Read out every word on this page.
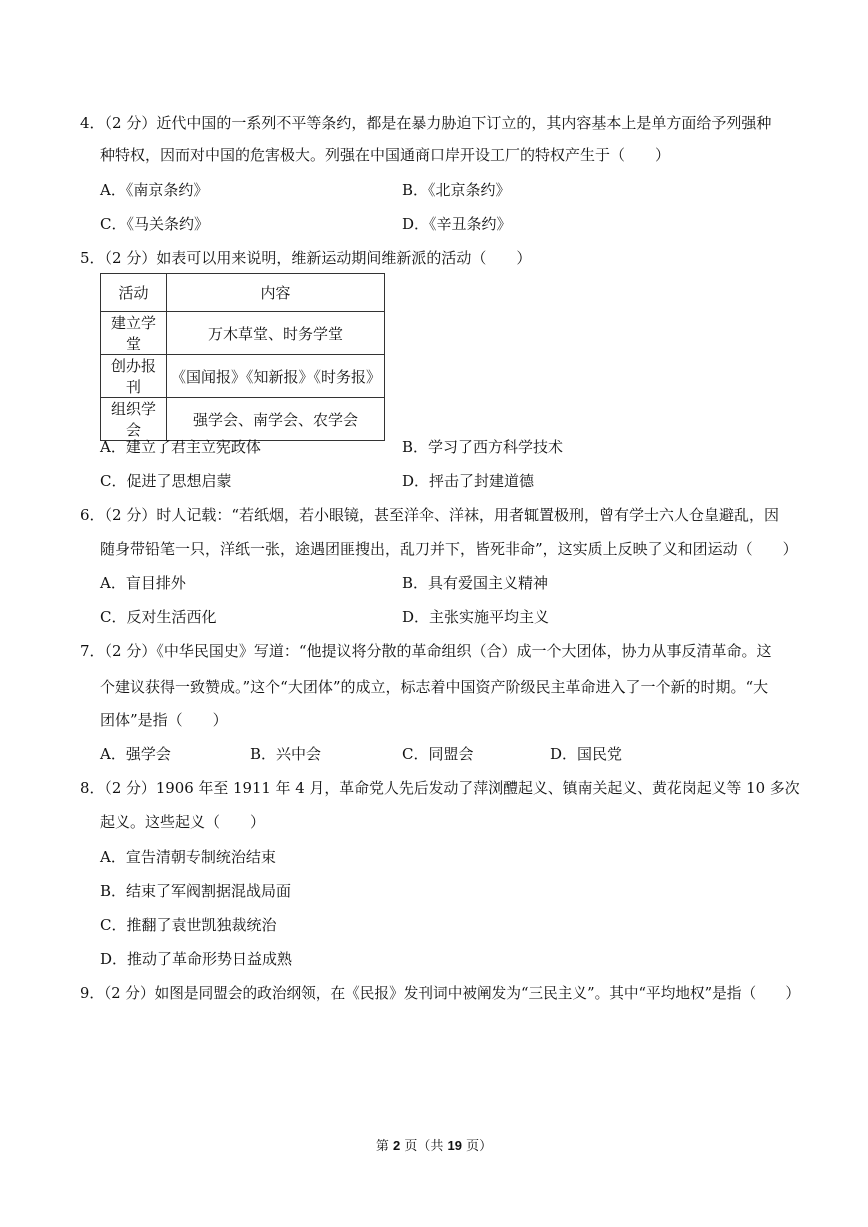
4．（2 分）近代中国的一系列不平等条约，都是在暴力胁迫下订立的，其内容基本上是单方面给予列强种
种特权，因而对中国的危害极大。列强在中国通商口岸开设工厂的特权产生于（　　）
A．《南京条约》	B．《北京条约》
C．《马关条约》	D．《辛丑条约》
5．（2 分）如表可以用来说明，维新运动期间维新派的活动（　　）
活动	内容
建立学堂	万木草堂、时务学堂
创办报刊	《国闻报》《知新报》《时务报》
组织学会	强学会、南学会、农学会
A．建立了君主立宪政体	B．学习了西方科学技术
C．促进了思想启蒙	D．抨击了封建道德
6．（2 分）时人记载：“若纸烟，若小眼镜，甚至洋伞、洋袜，用者辄置极刑，曾有学士六人仓皇避乱，因
随身带铅笔一只，洋纸一张，途遇团匪搜出，乱刀并下，皆死非命”，这实质上反映了义和团运动（　　）
A．盲目排外	B．具有爱国主义精神
C．反对生活西化	D．主张实施平均主义
7．（2 分）《中华民国史》写道：“他提议将分散的革命组织（合）成一个大团体，协力从事反清革命。这
个建议获得一致赞成。”这个“大团体”的成立，标志着中国资产阶级民主革命进入了一个新的时期。“大
团体”是指（　　）
A．强学会	B．兴中会	C．同盟会	D．国民党
8．（2 分）1906 年至 1911 年 4 月，革命党人先后发动了萍浏醴起义、镇南关起义、黄花岗起义等 10 多次
起义。这些起义（　　）
A．宣告清朝专制统治结束
B．结束了军阀割据混战局面
C．推翻了袁世凯独裁统治
D．推动了革命形势日益成熟
9．（2 分）如图是同盟会的政治纲领，在《民报》发刊词中被阐发为“三民主义”。其中“平均地权”是指（　　）
第 2 页（共 19 页）
